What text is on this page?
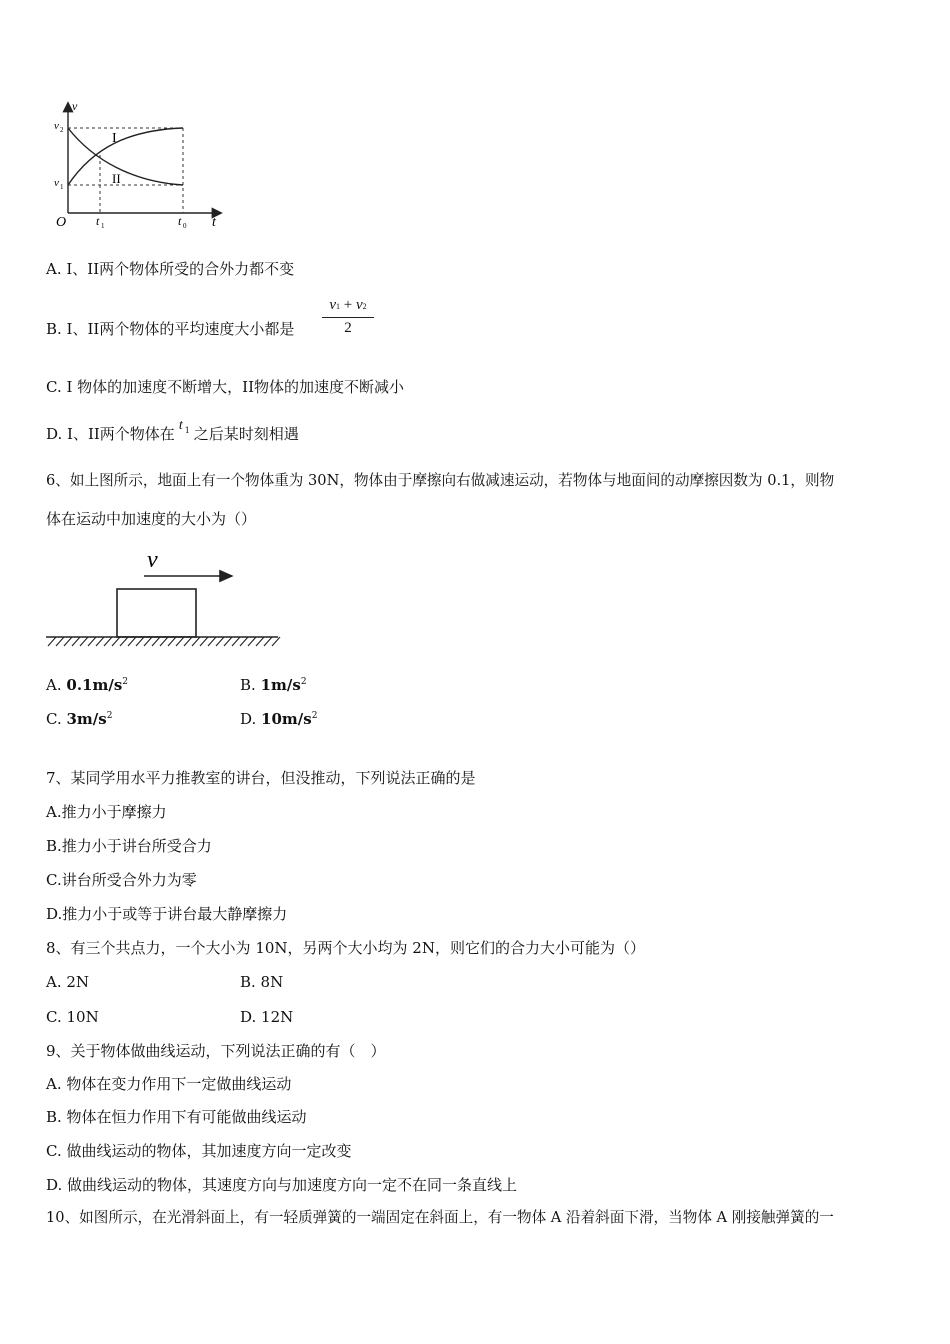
v
t
O
v 2
v 1
t 1	t 0
I
II
A. I、II两个物体所受的合外力都不变
B. I、II两个物体的平均速度大小都是 $\frac{v1 + v2}{2}$
C. I 物体的加速度不断增大，II物体的加速度不断减小
D. I、II两个物体在 t $^1$ 之后某时刻相遇
6、如上图所示，地面上有一个物体重为 30N，物体由于摩擦向右做减速运动，若物体与地面间的动摩擦因数为 0.1，则物
体在运动中加速度的大小为（）
v
A. $0.1m/s^2$	B. $1m/s^2$
C. $3m/s^2$	D. $10m/s^2$
7、某同学用水平力推教室的讲台，但没推动，下列说法正确的是
A.推力小于摩擦力
B.推力小于讲台所受合力
C.讲台所受合外力为零
D.推力小于或等于讲台最大静摩擦力
8、有三个共点力，一个大小为 10N，另两个大小均为 2N，则它们的合力大小可能为（）
A. 2N	B. 8N
C. 10N	D. 12N
9、关于物体做曲线运动，下列说法正确的有（　）
A. 物体在变力作用下一定做曲线运动
B. 物体在恒力作用下有可能做曲线运动
C. 做曲线运动的物体，其加速度方向一定改变
D. 做曲线运动的物体，其速度方向与加速度方向一定不在同一条直线上
10、如图所示，在光滑斜面上，有一轻质弹簧的一端固定在斜面上，有一物体 A 沿着斜面下滑，当物体 A 刚接触弹簧的一
